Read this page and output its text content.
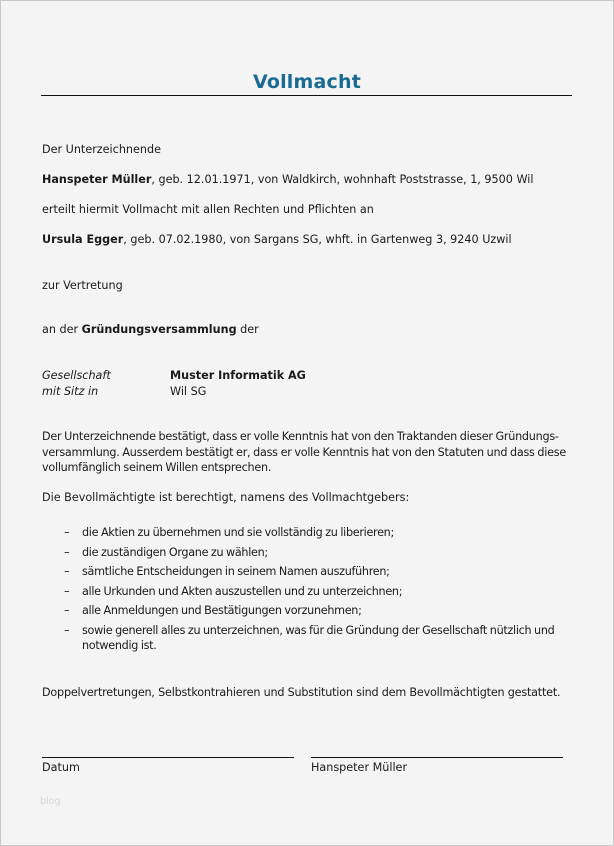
Vollmacht
Der Unterzeichnende
Hanspeter Müller, geb. 12.01.1971, von Waldkirch, wohnhaft Poststrasse, 1, 9500 Wil
erteilt hiermit Vollmacht mit allen Rechten und Pflichten an
Ursula Egger, geb. 07.02.1980, von Sargans SG, whft. in Gartenweg 3, 9240 Uzwil
zur Vertretung
an der Gründungsversammlung der
Gesellschaft	Muster Informatik AG
mit Sitz in	Wil SG
Der Unterzeichnende bestätigt, dass er volle Kenntnis hat von den Traktanden dieser Gründungs-
versammlung. Ausserdem bestätigt er, dass er volle Kenntnis hat von den Statuten und dass diese
vollumfänglich seinem Willen entsprechen.
Die Bevollmächtigte ist berechtigt, namens des Vollmachtgebers:
– die Aktien zu übernehmen und sie vollständig zu liberieren;
– die zuständigen Organe zu wählen;
– sämtliche Entscheidungen in seinem Namen auszuführen;
– alle Urkunden und Akten auszustellen und zu unterzeichnen;
– alle Anmeldungen und Bestätigungen vorzunehmen;
– sowie generell alles zu unterzeichnen, was für die Gründung der Gesellschaft nützlich und
notwendig ist.
Doppelvertretungen, Selbstkontrahieren und Substitution sind dem Bevollmächtigten gestattet.
Datum	Hanspeter Müller
blog
